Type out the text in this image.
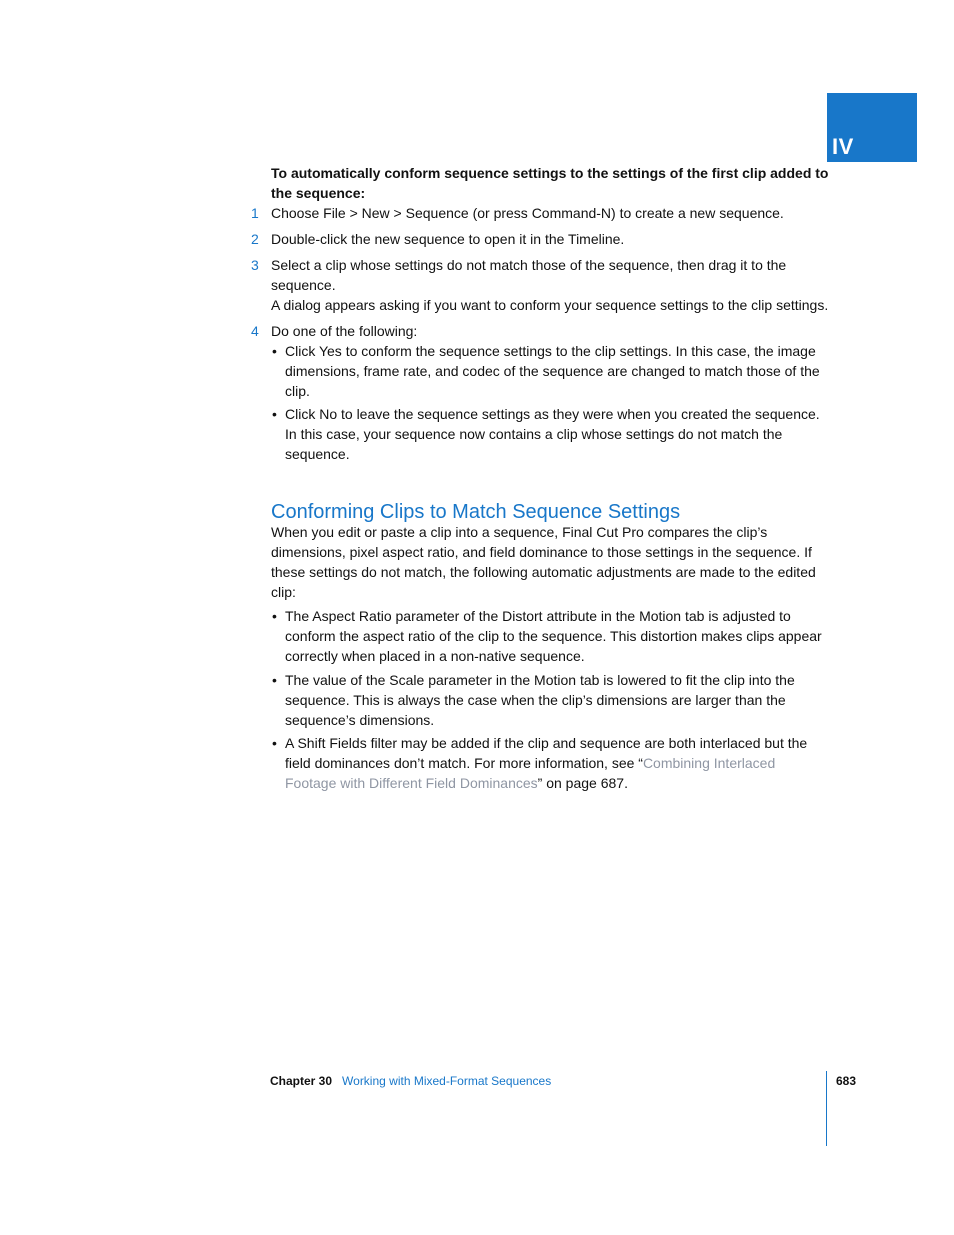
IV

To automatically conform sequence settings to the settings of the first clip added to the sequence:

1 Choose File > New > Sequence (or press Command-N) to create a new sequence.

2 Double-click the new sequence to open it in the Timeline.

3 Select a clip whose settings do not match those of the sequence, then drag it to the sequence.

A dialog appears asking if you want to conform your sequence settings to the clip settings.

4 Do one of the following:

• Click Yes to conform the sequence settings to the clip settings. In this case, the image dimensions, frame rate, and codec of the sequence are changed to match those of the clip.
• Click No to leave the sequence settings as they were when you created the sequence. In this case, your sequence now contains a clip whose settings do not match the sequence.
Conforming Clips to Match Sequence Settings

When you edit or paste a clip into a sequence, Final Cut Pro compares the clip’s dimensions, pixel aspect ratio, and field dominance to those settings in the sequence. If these settings do not match, the following automatic adjustments are made to the edited clip:

• The Aspect Ratio parameter of the Distort attribute in the Motion tab is adjusted to conform the aspect ratio of the clip to the sequence. This distortion makes clips appear correctly when placed in a non-native sequence.
• The value of the Scale parameter in the Motion tab is lowered to fit the clip into the sequence. This is always the case when the clip’s dimensions are larger than the sequence’s dimensions.
• A Shift Fields filter may be added if the clip and sequence are both interlaced but the field dominances don’t match. For more information, see “Combining Interlaced Footage with Different Field Dominances” on page 687.
Chapter 30 Working with Mixed-Format Sequences	683
